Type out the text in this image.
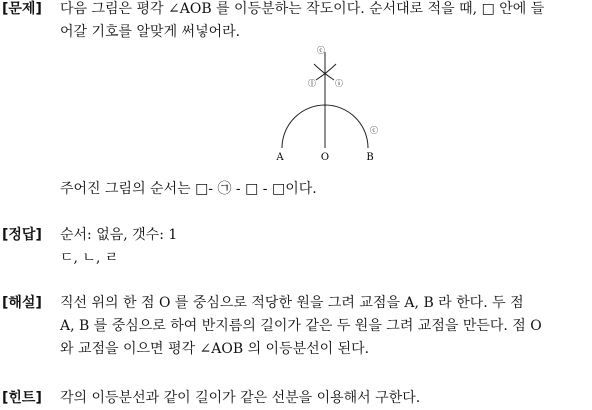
[문제] 다음 그림은 평각 ∠AOB 를 이등분하는 작도이다. 순서대로 적을 때, □ 안에 들
어갈 기호를 알맞게 써넣어라.
ⓒ
ⓛ ⓘ
ⓒ
A	O	B
주어진 그림의 순서는 □- ㉠ - □ - □이다.
[정답] 순서: 없음, 갯수: 1
ㄷ, ㄴ, ㄹ
[해설] 직선 위의 한 점 O 를 중심으로 적당한 원을 그려 교점을 A, B 라 한다. 두 점
A, B 를 중심으로 하여 반지름의 길이가 같은 두 원을 그려 교점을 만든다. 점 O
와 교점을 이으면 평각 ∠AOB 의 이등분선이 된다.
[힌트] 각의 이등분선과 같이 길이가 같은 선분을 이용해서 구한다.
